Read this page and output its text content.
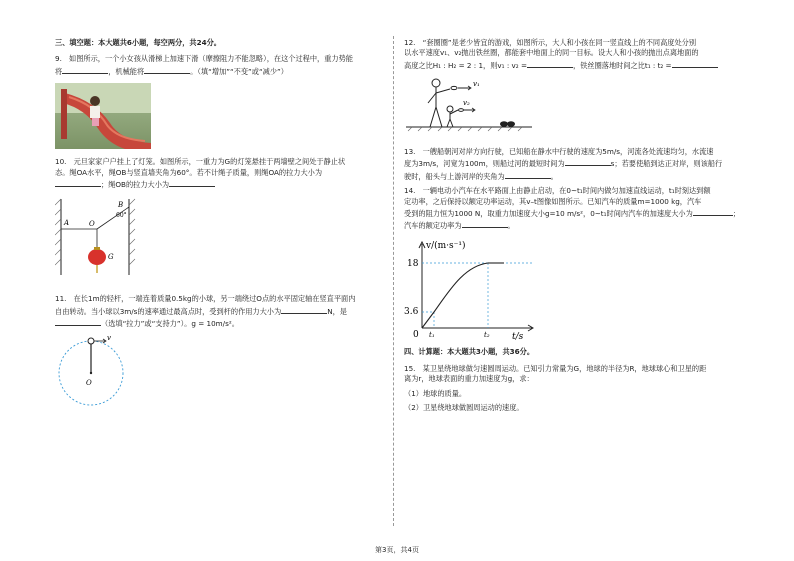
三、填空题：本大题共6小题，每空两分，共24分。
9.　如图所示，一个小女孩从滑梯上加速下滑（摩擦阻力不能忽略），在这个过程中，重力势能
将	，机械能将	。（填“增加”“不变”或“减少”）
10.　元旦家家户户挂上了灯笼。如图所示，一重力为G的灯笼悬挂于两墙壁之间处于静止状
态。绳OA水平，绳OB与竖直墙夹角为60°。若不计绳子质量，则绳OA的拉力大小为
；绳OB的拉力大小为
A	O
B
60°
G
11.　在长1m的轻杆，一端连着质量0.5kg的小球，另一端绕过O点的水平固定轴在竖直平面内
自由转动。当小球以3m/s的速率通过最高点时，受到杆的作用力大小为	N，是
（选填“拉力”或“支持力”）。g = 10m/s²。
v
O
12.　“套圈圈”是老少皆宜的游戏，如图所示，大人和小孩在同一竖直线上的不同高度处分别
以水平速度v₁、v₂抛出铁丝圈，都能套中地面上的同一目标。设大人和小孩的抛出点离地面的
高度之比H₁ : H₂ = 2 : 1，则v₁ : v₂ =	，铁丝圈落地时间之比t₁ : t₂ =
v₁
v₂
13.　一艘船朝河对岸方向行驶，已知船在静水中行驶的速度为5m/s，河流各处流速均匀，水流速
度为3m/s，河宽为100m，则船过河的最短时间为	s；若要使船到达正对岸，则该船行
驶时，船头与上游河岸的夹角为	。
14.　一辆电动小汽车在水平路面上由静止启动，在0~t₁时间内做匀加速直线运动，t₁时刻达到额
定功率，之后保持以额定功率运动，其v–t图像如图所示。已知汽车的质量m=1000 kg，汽车
受到的阻力恒为1000 N，取重力加速度大小g=10 m/s²，0~t₁时间内汽车的加速度大小为	；
汽车的额定功率为	。
v/(m·s⁻¹)
t/s
18
3.6
0 t₁	t₂
四、计算题：本大题共3小题，共36分。
15.　某卫星绕地球做匀速圆周运动。已知引力常量为G，地球的半径为R，地球球心和卫星的距
离为r，地球表面的重力加速度为g，求：
（1）地球的质量。
（2）卫星绕地球做圆周运动的速度。
第3页，共4页
